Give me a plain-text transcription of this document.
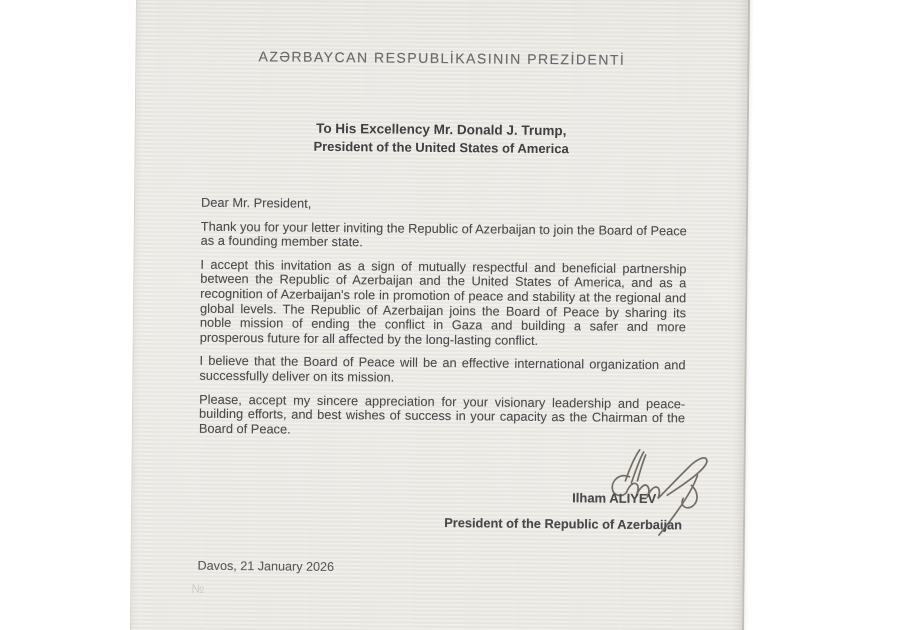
AZƏRBAYCAN RESPUBLİKASININ PREZİDENTİ
To His Excellency Mr. Donald J. Trump,
President of the United States of America

Dear Mr. President,

Thank you for your letter inviting the Republic of Azerbaijan to join the Board of Peace as a founding member state.

I accept this invitation as a sign of mutually respectful and beneficial partnership between the Republic of Azerbaijan and the United States of America, and as a recognition of Azerbaijan's role in promotion of peace and stability at the regional and global levels. The Republic of Azerbaijan joins the Board of Peace by sharing its noble mission of ending the conflict in Gaza and building a safer and more prosperous future for all affected by the long-lasting conflict.

I believe that the Board of Peace will be an effective international organization and successfully deliver on its mission.

Please, accept my sincere appreciation for your visionary leadership and peace-building efforts, and best wishes of success in your capacity as the Chairman of the Board of Peace.

Ilham ALIYEV
President of the Republic of Azerbaijan
Davos, 21 January 2026
№
